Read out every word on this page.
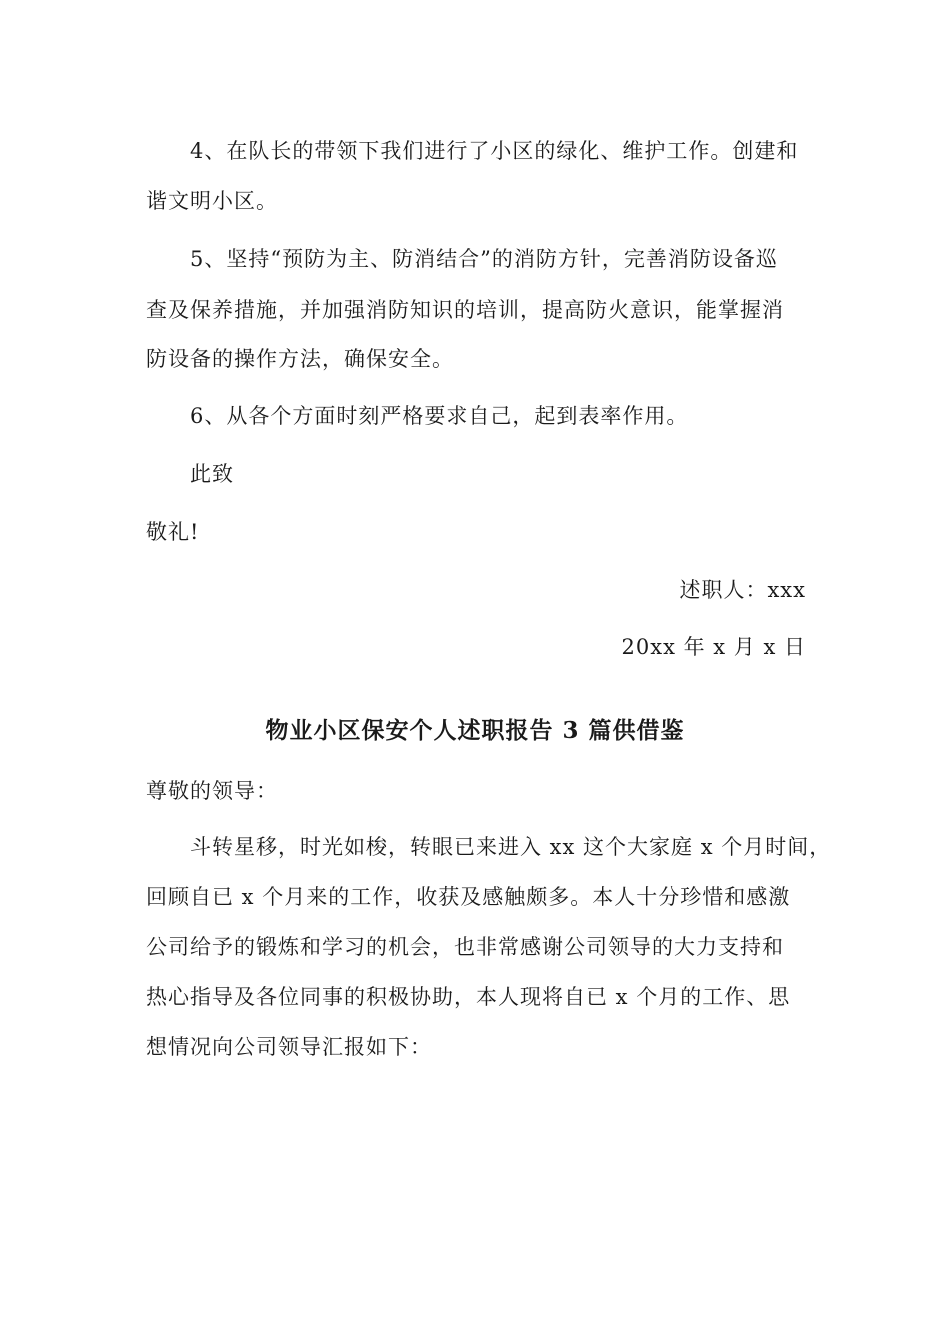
4、在队长的带领下我们进行了小区的绿化、维护工作。创建和
谐文明小区。
5、坚持“预防为主、防消结合”的消防方针，完善消防设备巡
查及保养措施，并加强消防知识的培训，提高防火意识，能掌握消
防设备的操作方法，确保安全。
6、从各个方面时刻严格要求自己，起到表率作用。
此致
敬礼!
述职人：xxx
20xx 年 x 月 x 日
物业小区保安个人述职报告 3 篇供借鉴
尊敬的领导：
斗转星移，时光如梭，转眼已来进入 xx 这个大家庭 x 个月时间，
回顾自已 x 个月来的工作，收获及感触颇多。本人十分珍惜和感激
公司给予的锻炼和学习的机会，也非常感谢公司领导的大力支持和
热心指导及各位同事的积极协助，本人现将自已 x 个月的工作、思
想情况向公司领导汇报如下：
